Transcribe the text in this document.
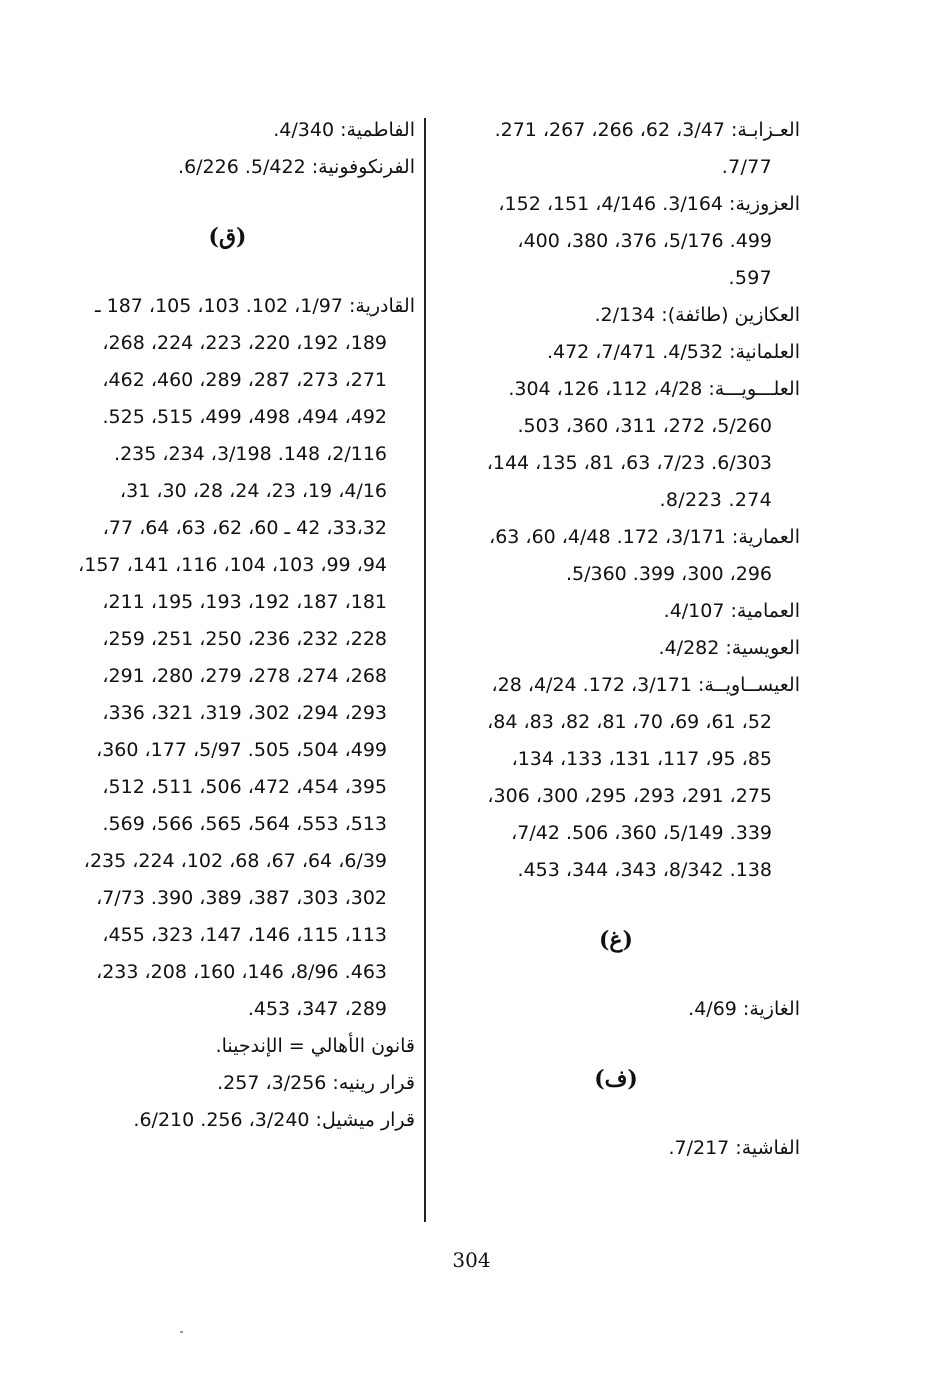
العـزابـة: 3/47، 62، 266، 267، 271.
7/77.
العزوزية: 3/164. 4/146، 151، 152،
499. 5/176، 376، 380، 400،
597.
العكازين (طائفة): 2/134.
العلمانية: 4/532. 7/471، 472.
العلـــويـــة: 4/28، 112، 126، 304.
5/260، 272، 311، 360، 503.
6/303. 7/23، 63، 81، 135، 144،
274. 8/223.
العمارية: 3/171، 172. 4/48، 60، 63،
296، 300، 399. 5/360.
العمامية: 4/107.
العويسية: 4/282.
العيســاويــة: 3/171، 172. 4/24، 28،
52، 61، 69، 70، 81، 82، 83، 84،
85، 95، 117، 131، 133، 134،
275، 291، 293، 295، 300، 306،
339. 5/149، 360، 506. 7/42،
138. 8/342، 343، 344، 453.
(غ)
الغازية: 4/69.
(ف)
الفاشية: 7/217.
الفاطمية: 4/340.
الفرنكوفونية: 5/422. 6/226.
(ق)
القادرية: 1/97، 102. 103، 105، 187 ـ
189، 192، 220، 223، 224، 268،
271، 273، 287، 289، 460، 462،
492، 494، 498، 499، 515، 525.
2/116، 148. 3/198، 234، 235.
4/16، 19، 23، 24، 28، 30، 31،
33،32، 42 ـ 60، 62، 63، 64، 77،
94، 99، 103، 104، 116، 141، 157،
181، 187، 192، 193، 195، 211،
228، 232، 236، 250، 251، 259،
268، 274، 278، 279، 280، 291،
293، 294، 302، 319، 321، 336،
499، 504، 505. 5/97، 177، 360،
395، 454، 472، 506، 511، 512،
513، 553، 564، 565، 566، 569.
6/39، 64، 67، 68، 102، 224، 235،
302، 303، 387، 389، 390. 7/73،
113، 115، 146، 147، 323، 455،
463. 8/96، 146، 160، 208، 233،
289، 347، 453.
قانون الأهالي = الإندجينا.
قرار رينيه: 3/256، 257.
قرار ميشيل: 3/240، 256. 6/210.
304
